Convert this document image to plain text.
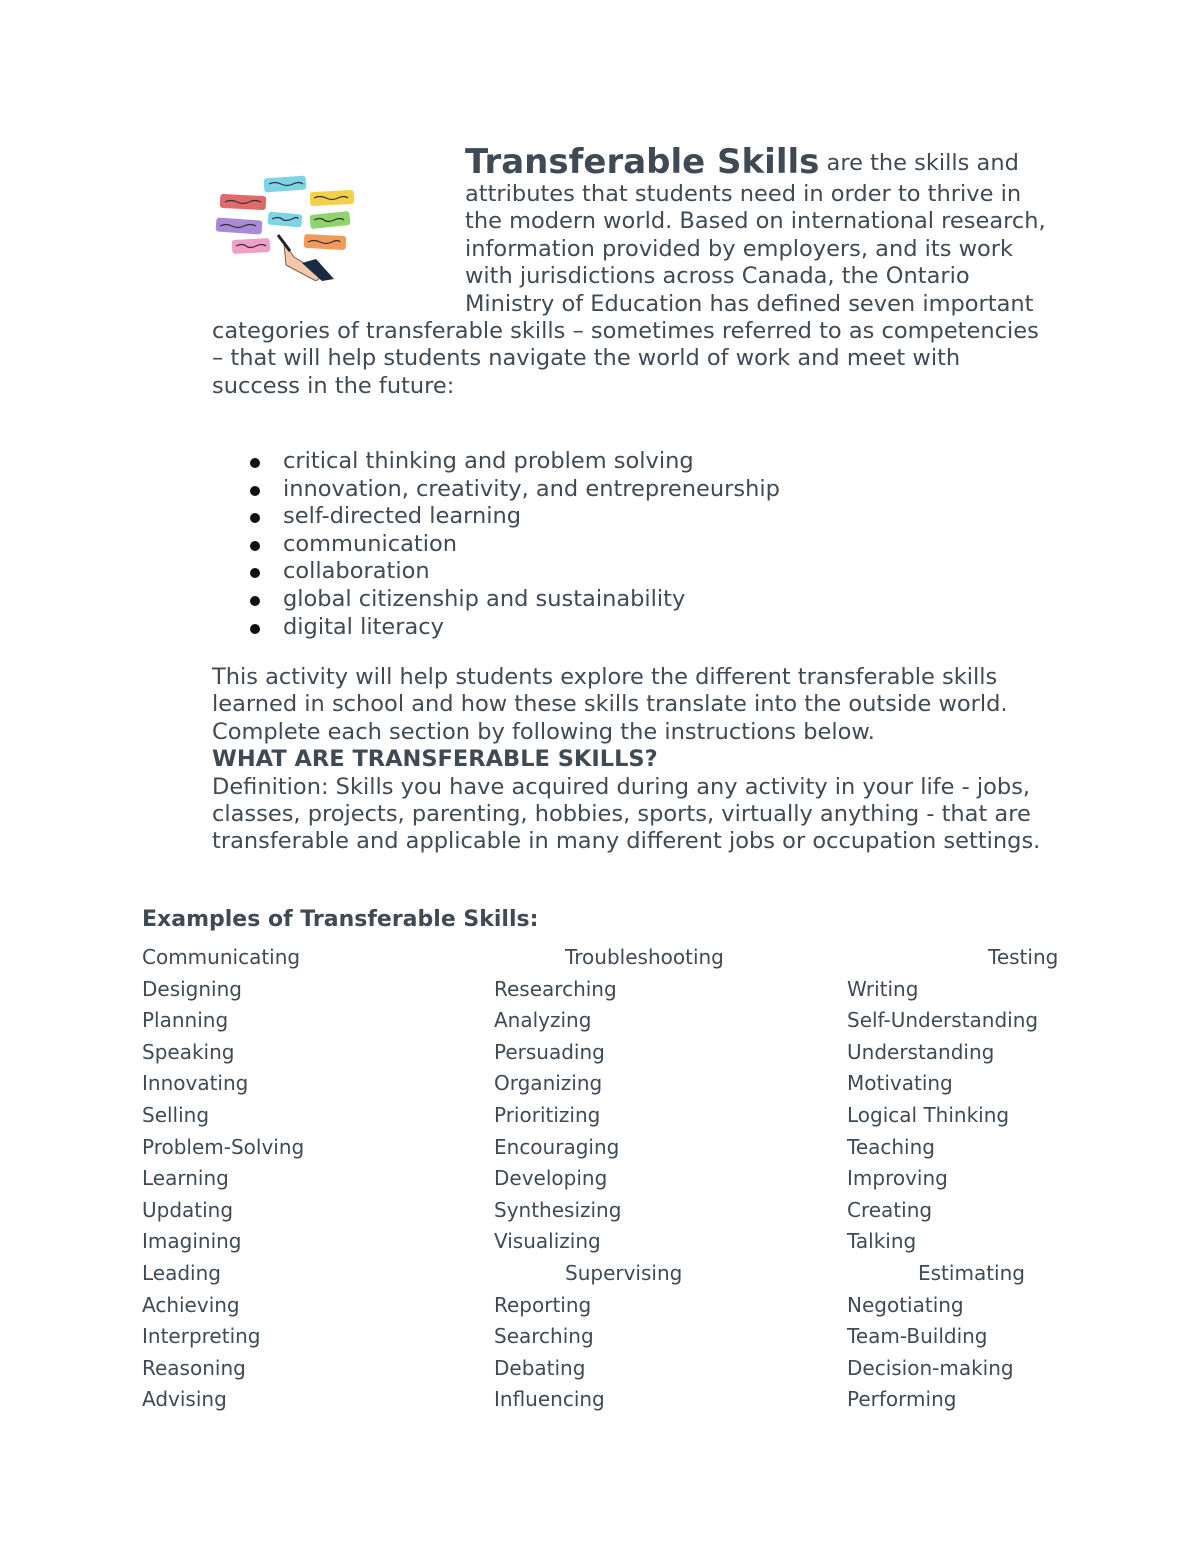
Transferable Skills are the skills and attributes that students need in order to thrive in the modern world. Based on international research, information provided by employers, and its work with jurisdictions across Canada, the Ontario Ministry of Education has defined seven important categories of transferable skills – sometimes referred to as competencies – that will help students navigate the world of work and meet with success in the future:

critical thinking and problem solving
innovation, creativity, and entrepreneurship
self-directed learning
communication
collaboration
global citizenship and sustainability
digital literacy

This activity will help students explore the different transferable skills learned in school and how these skills translate into the outside world. Complete each section by following the instructions below.

WHAT ARE TRANSFERABLE SKILLS?

Definition: Skills you have acquired during any activity in your life - jobs, classes, projects, parenting, hobbies, sports, virtually anything - that are transferable and applicable in many different jobs or occupation settings.

Examples of Transferable Skills:
Communicating	Troubleshooting	Testing
Designing	Researching	Writing
Planning	Analyzing	Self-Understanding
Speaking	Persuading	Understanding
Innovating	Organizing	Motivating
Selling	Prioritizing	Logical Thinking
Problem-Solving	Encouraging	Teaching
Learning	Developing	Improving
Updating	Synthesizing	Creating
Imagining	Visualizing	Talking
Leading	Supervising	Estimating
Achieving	Reporting	Negotiating
Interpreting	Searching	Team-Building
Reasoning	Debating	Decision-making
Advising	Influencing	Performing
